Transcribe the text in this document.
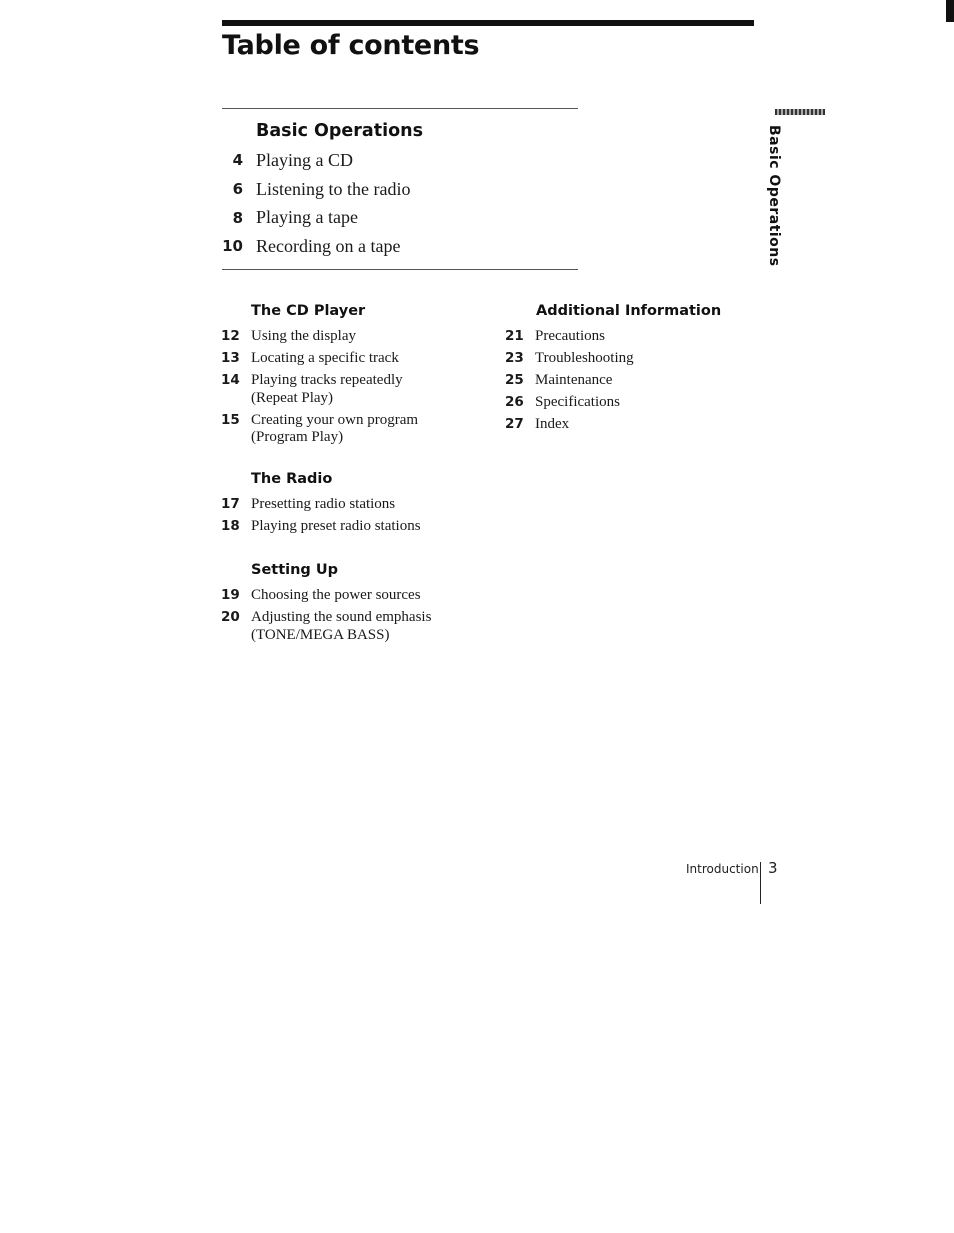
Table of contents
Basic Operations
4 Playing a CD
6 Listening to the radio
8 Playing a tape
10 Recording on a tape	Basic Operations
The CD Player
12 Using the display
13 Locating a specific track
14 Playing tracks repeatedly
(Repeat Play)
15 Creating your own program
(Program Play)
The Radio
17 Presetting radio stations
18 Playing preset radio stations
Setting Up
19 Choosing the power sources
20 Adjusting the sound emphasis
(TONE/MEGA BASS)
Additional Information
21 Precautions
23 Troubleshooting
25 Maintenance
26 Specifications
27 Index
Introduction 3
